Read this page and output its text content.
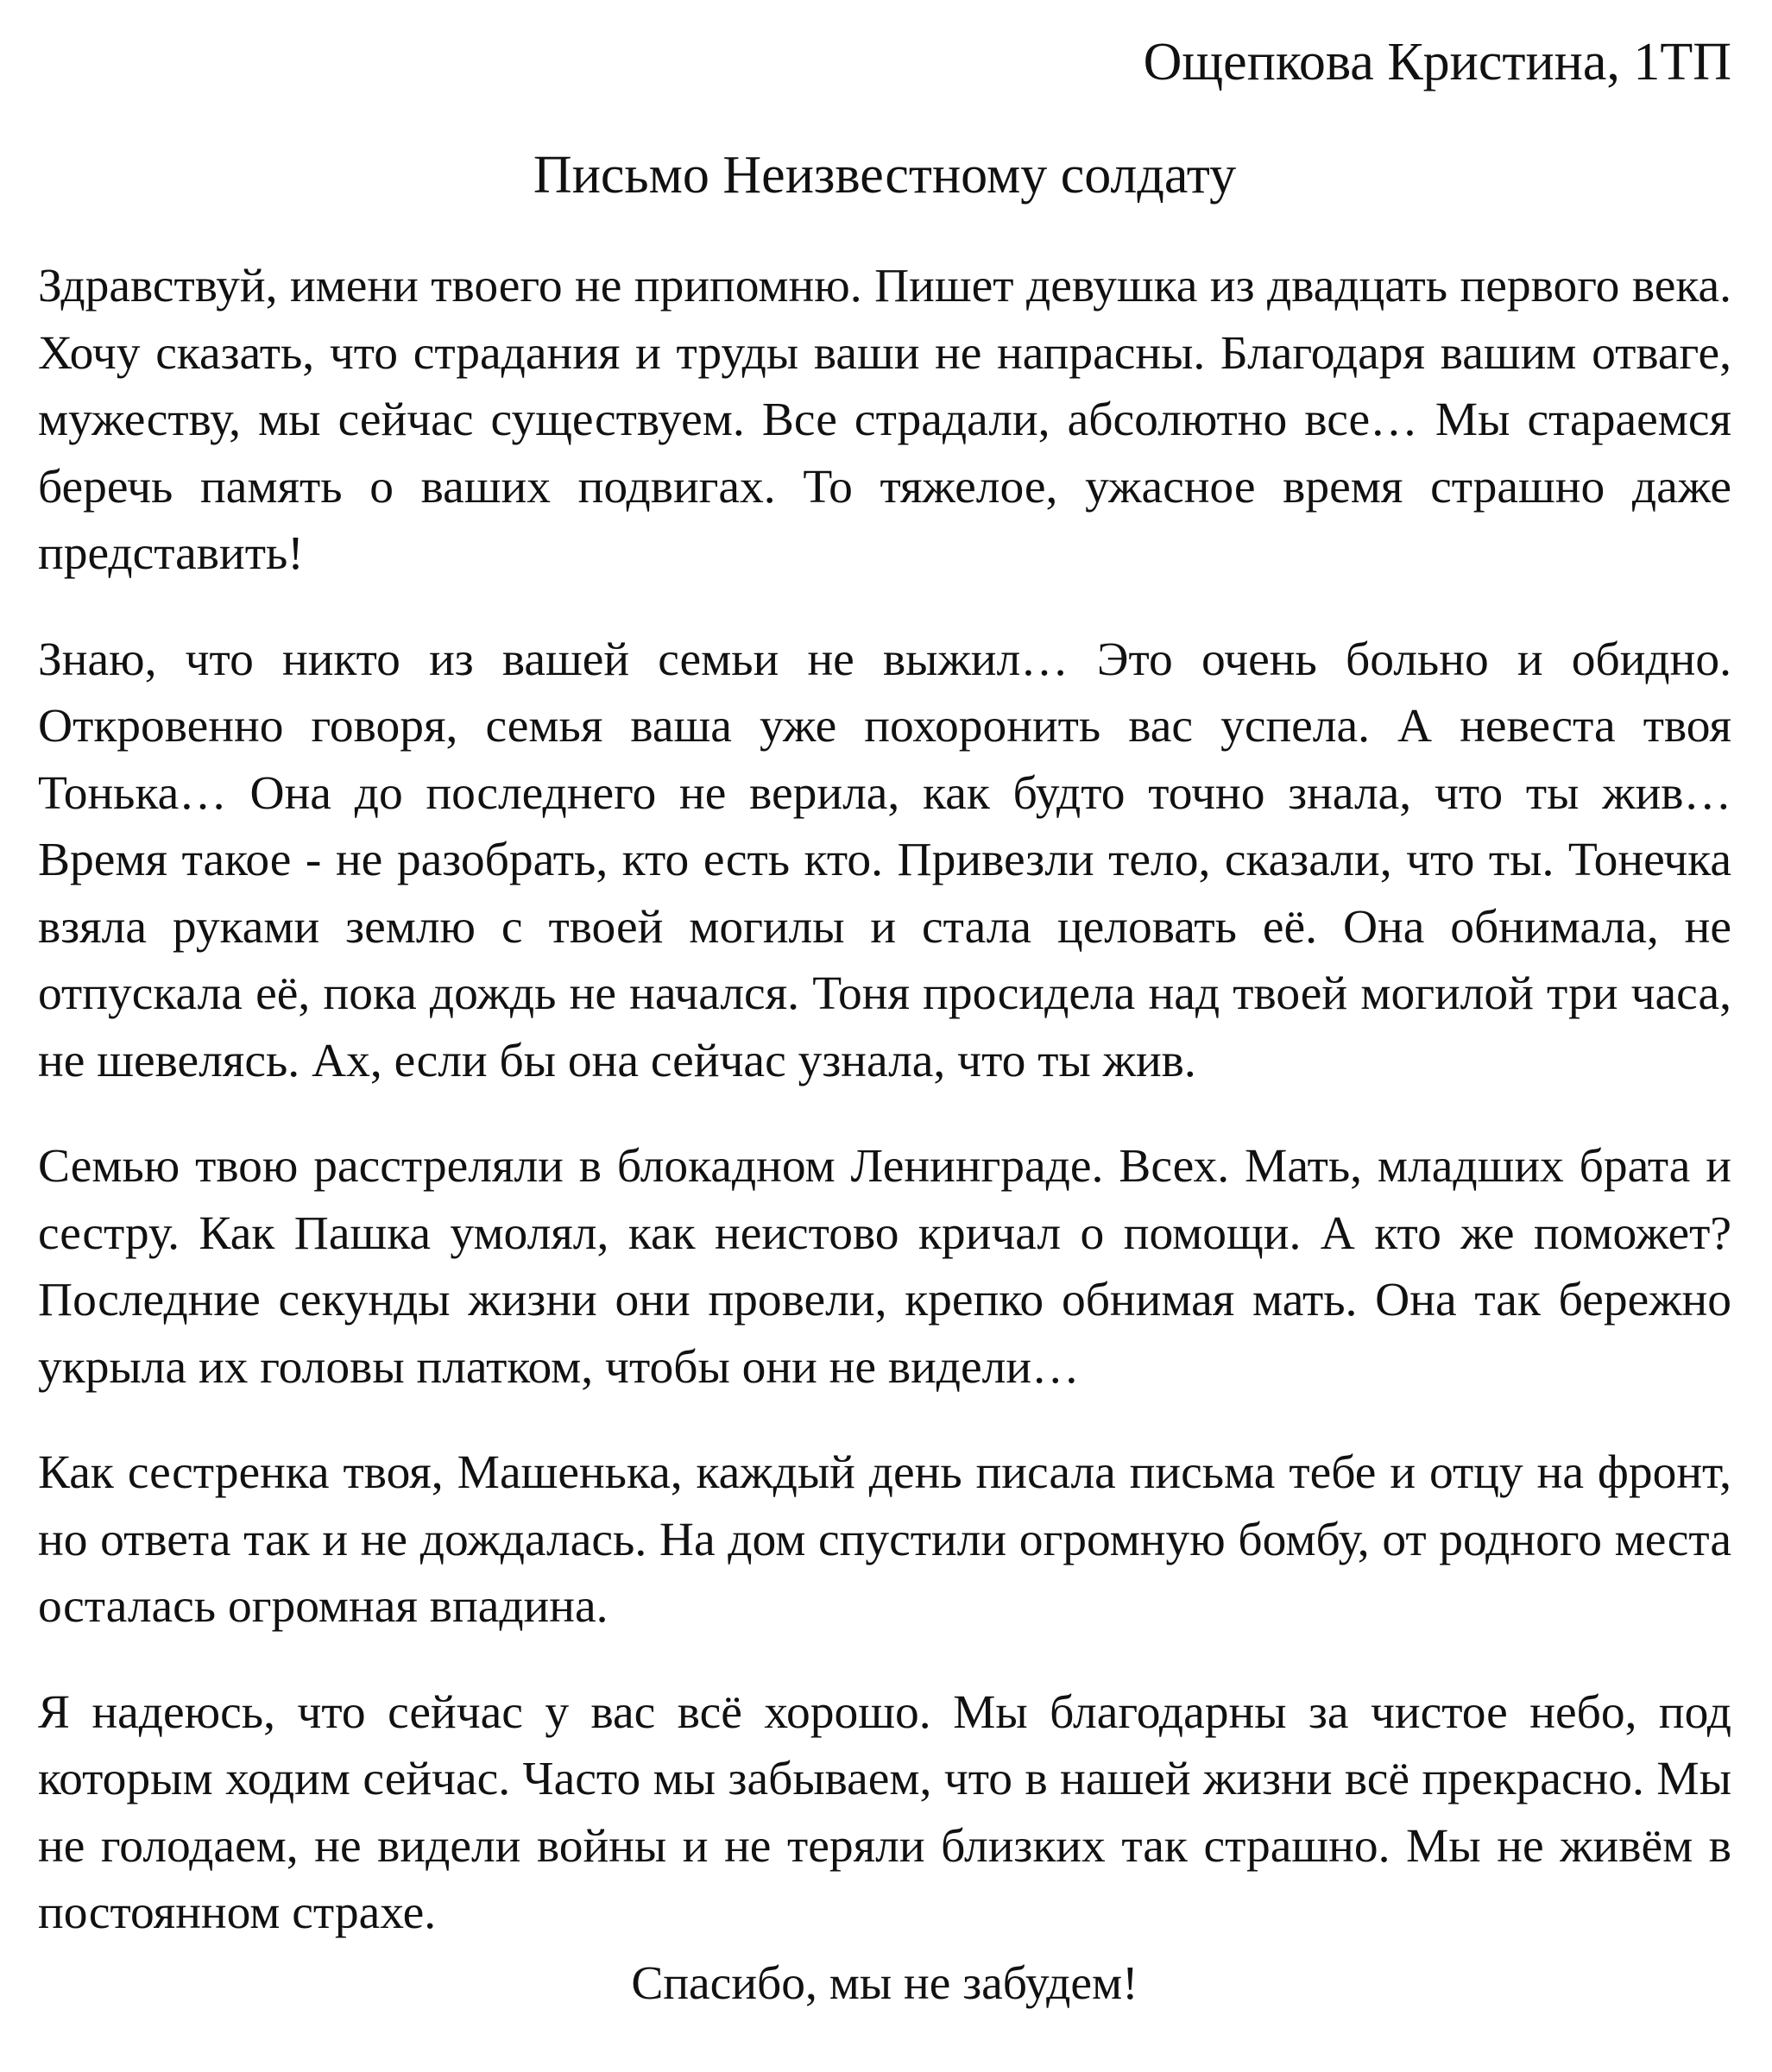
Ощепкова Кристина, 1ТП
Письмо Неизвестному солдату

Здравствуй, имени твоего не припомню. Пишет девушка из двадцать первого века. Хочу сказать, что страдания и труды ваши не напрасны. Благодаря вашим отваге, мужеству, мы сейчас существуем. Все страдали, абсолютно все… Мы стараемся беречь память о ваших подвигах. То тяжелое, ужасное время страшно даже представить!

Знаю, что никто из вашей семьи не выжил… Это очень больно и обидно. Откровенно говоря, семья ваша уже похоронить вас успела. А невеста твоя Тонька… Она до последнего не верила, как будто точно знала, что ты жив… Время такое - не разобрать, кто есть кто. Привезли тело, сказали, что ты. Тонечка взяла руками землю с твоей могилы и стала целовать её. Она обнимала, не отпускала её, пока дождь не начался. Тоня просидела над твоей могилой три часа, не шевелясь. Ах, если бы она сейчас узнала, что ты жив.

Семью твою расстреляли в блокадном Ленинграде. Всех. Мать, младших брата и сестру. Как Пашка умолял, как неистово кричал о помощи. А кто же поможет? Последние секунды жизни они провели, крепко обнимая мать. Она так бережно укрыла их головы платком, чтобы они не видели…

Как сестренка твоя, Машенька, каждый день писала письма тебе и отцу на фронт, но ответа так и не дождалась. На дом спустили огромную бомбу, от родного места осталась огромная впадина.

Я надеюсь, что сейчас у вас всё хорошо. Мы благодарны за чистое небо, под которым ходим сейчас. Часто мы забываем, что в нашей жизни всё прекрасно. Мы не голодаем, не видели войны и не теряли близких так страшно. Мы не живём в постоянном страхе.

Спасибо, мы не забудем!
